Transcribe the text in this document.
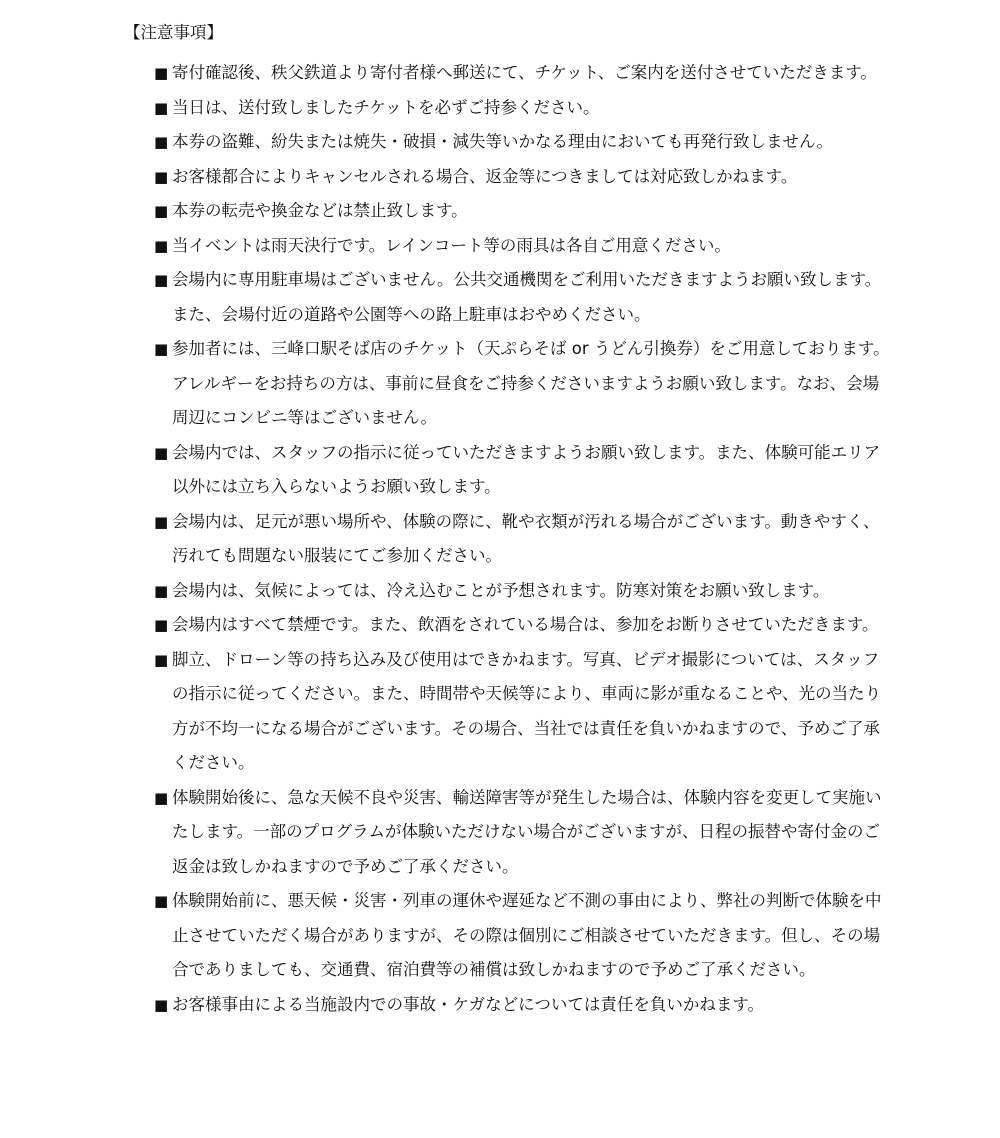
【注意事項】
■ 寄付確認後、秩父鉄道より寄付者様へ郵送にて、チケット、ご案内を送付させていただきます。
■ 当日は、送付致しましたチケットを必ずご持参ください。
■ 本券の盗難、紛失または焼失・破損・減失等いかなる理由においても再発行致しません。
■ お客様都合によりキャンセルされる場合、返金等につきましては対応致しかねます。
■ 本券の転売や換金などは禁止致します。
■ 当イベントは雨天決行です。レインコート等の雨具は各自ご用意ください。
■ 会場内に専用駐車場はございません。公共交通機関をご利用いただきますようお願い致します。また、会場付近の道路や公園等への路上駐車はおやめください。
■ 参加者には、三峰口駅そば店のチケット（天ぷらそば or うどん引換券）をご用意しております。アレルギーをお持ちの方は、事前に昼食をご持参くださいますようお願い致します。なお、会場周辺にコンビニ等はございません。
■ 会場内では、スタッフの指示に従っていただきますようお願い致します。また、体験可能エリア以外には立ち入らないようお願い致します。
■ 会場内は、足元が悪い場所や、体験の際に、靴や衣類が汚れる場合がございます。動きやすく、汚れても問題ない服装にてご参加ください。
■ 会場内は、気候によっては、冷え込むことが予想されます。防寒対策をお願い致します。
■ 会場内はすべて禁煙です。また、飲酒をされている場合は、参加をお断りさせていただきます。
■ 脚立、ドローン等の持ち込み及び使用はできかねます。写真、ビデオ撮影については、スタッフの指示に従ってください。また、時間帯や天候等により、車両に影が重なることや、光の当たり方が不均一になる場合がございます。その場合、当社では責任を負いかねますので、予めご了承ください。
■ 体験開始後に、急な天候不良や災害、輸送障害等が発生した場合は、体験内容を変更して実施いたします。一部のプログラムが体験いただけない場合がございますが、日程の振替や寄付金のご返金は致しかねますので予めご了承ください。
■ 体験開始前に、悪天候・災害・列車の運休や遅延など不測の事由により、弊社の判断で体験を中止させていただく場合がありますが、その際は個別にご相談させていただきます。但し、その場合でありましても、交通費、宿泊費等の補償は致しかねますので予めご了承ください。
■ お客様事由による当施設内での事故・ケガなどについては責任を負いかねます。
